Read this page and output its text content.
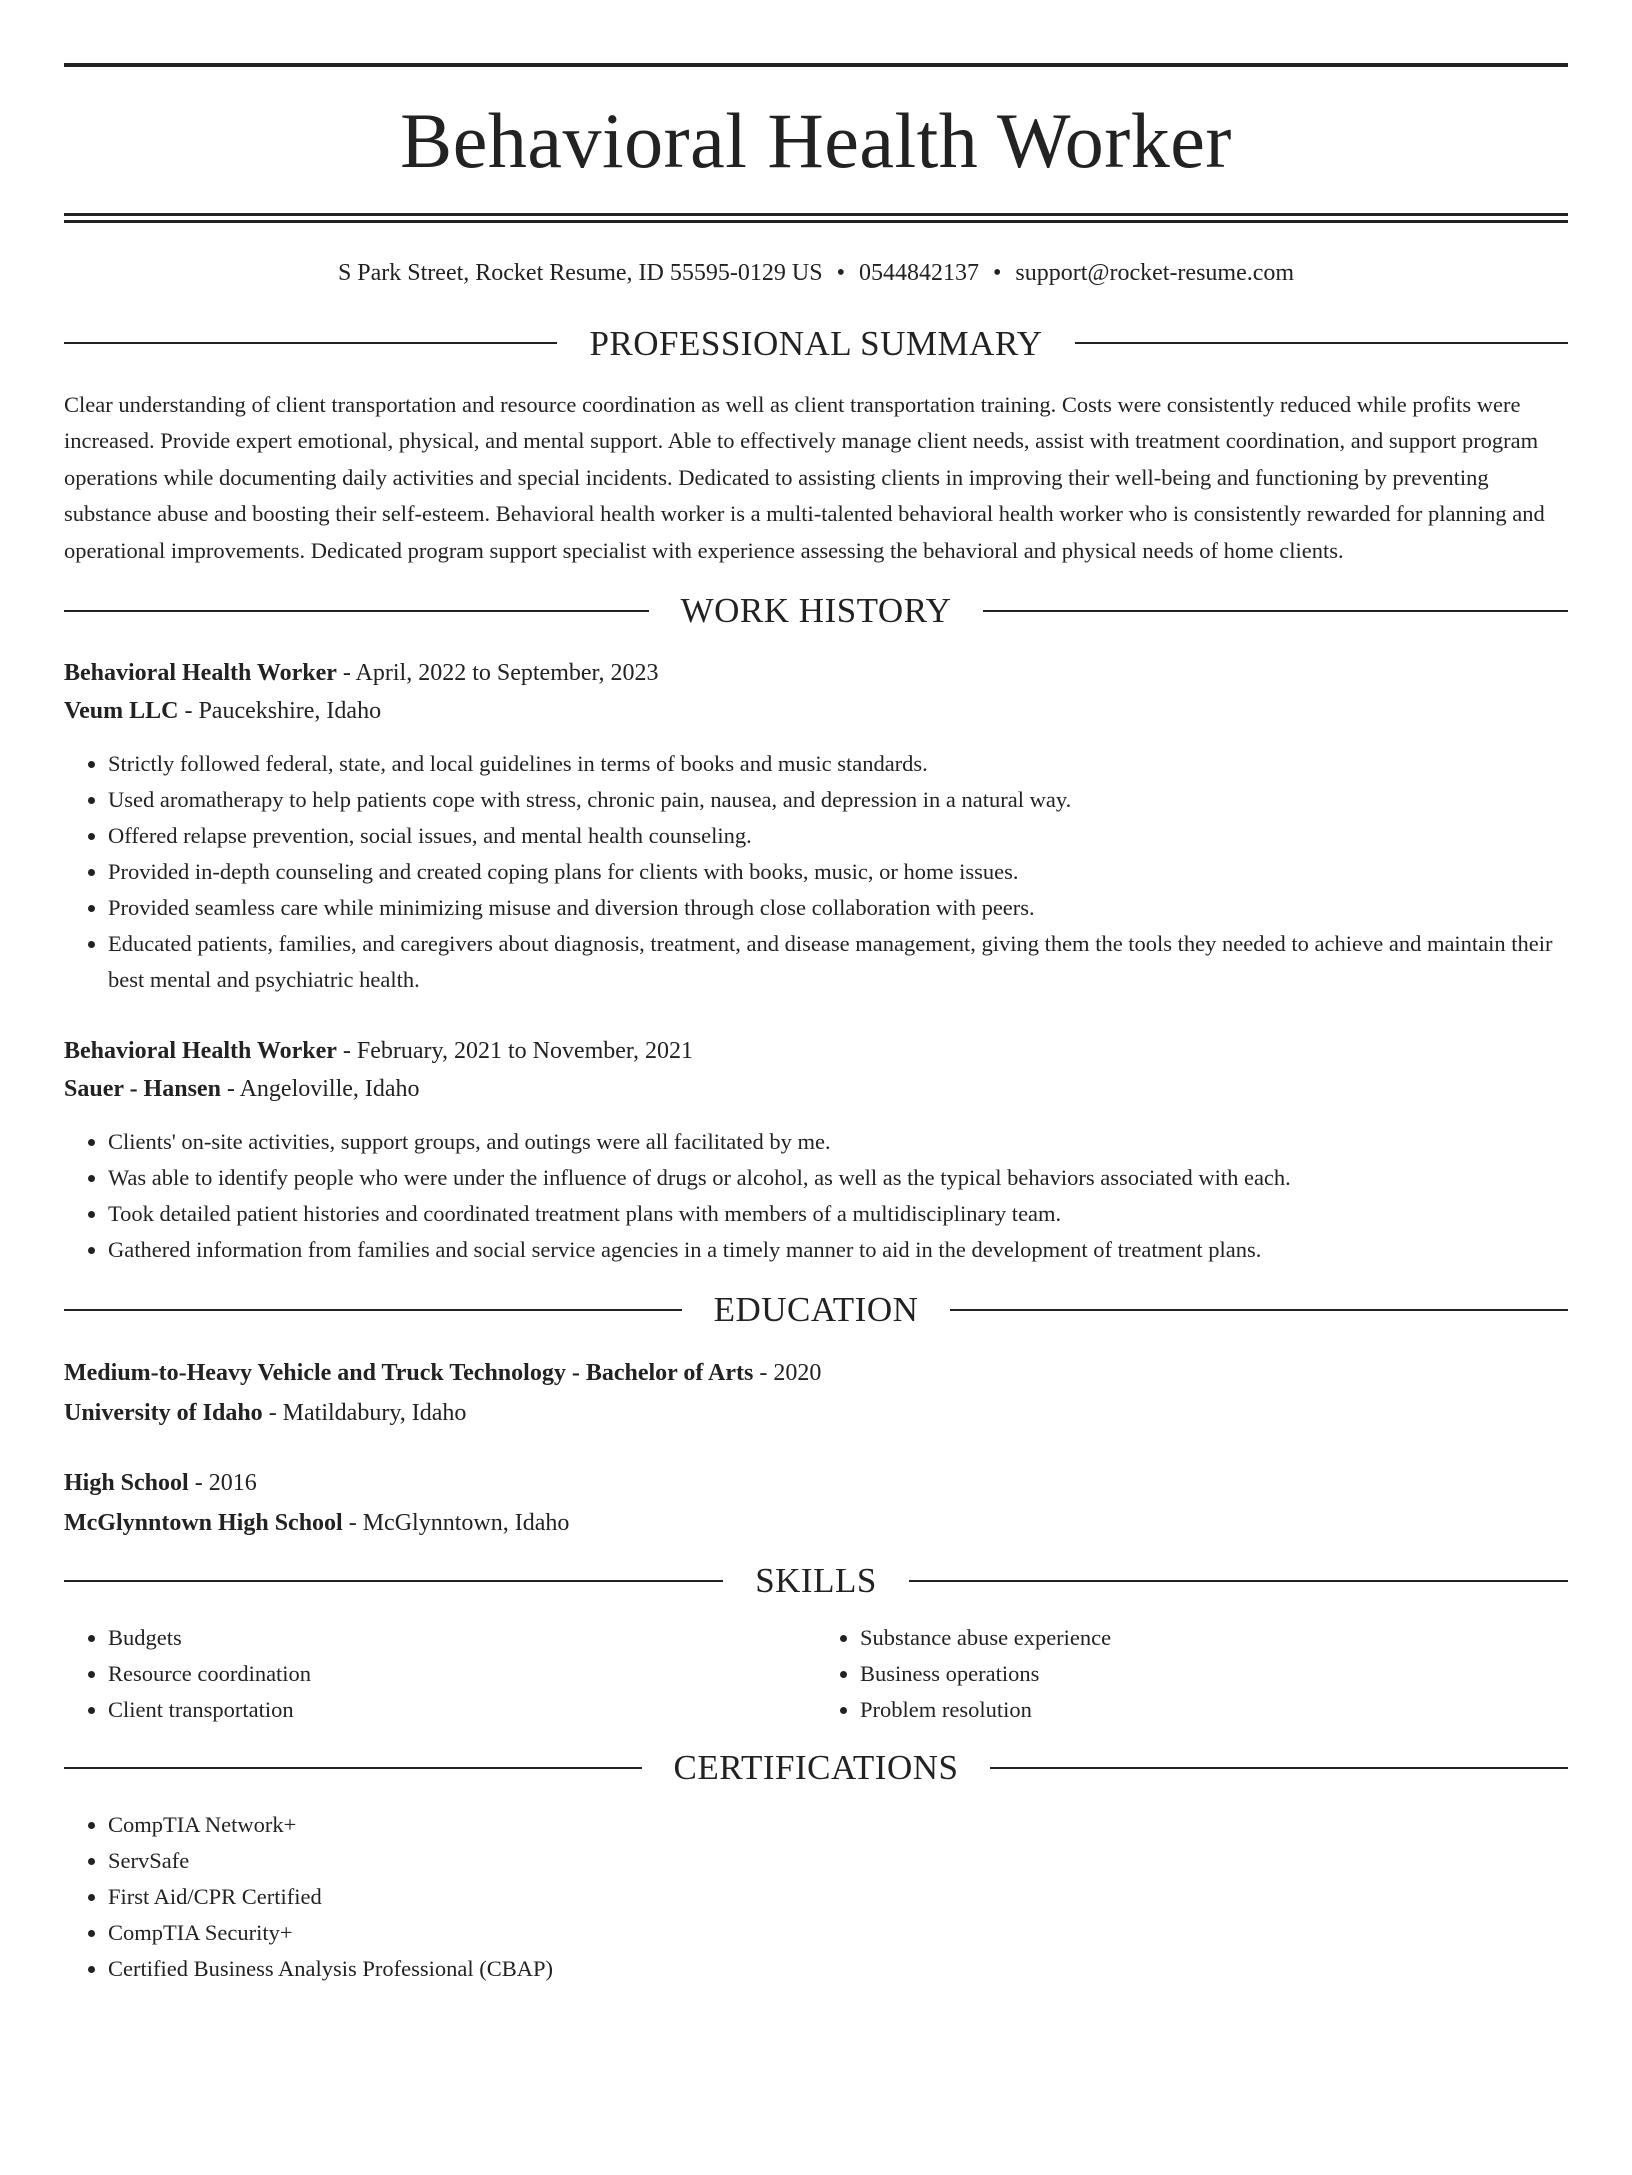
Behavioral Health Worker
S Park Street, Rocket Resume, ID 55595-0129 US • 0544842137 • support@rocket-resume.com
PROFESSIONAL SUMMARY

Clear understanding of client transportation and resource coordination as well as client transportation training. Costs were consistently reduced while profits were increased. Provide expert emotional, physical, and mental support. Able to effectively manage client needs, assist with treatment coordination, and support program operations while documenting daily activities and special incidents. Dedicated to assisting clients in improving their well-being and functioning by preventing substance abuse and boosting their self-esteem. Behavioral health worker is a multi-talented behavioral health worker who is consistently rewarded for planning and operational improvements. Dedicated program support specialist with experience assessing the behavioral and physical needs of home clients.

WORK HISTORY

Behavioral Health Worker - April, 2022 to September, 2023

Veum LLC - Paucekshire, Idaho

• Strictly followed federal, state, and local guidelines in terms of books and music standards.
• Used aromatherapy to help patients cope with stress, chronic pain, nausea, and depression in a natural way.
• Offered relapse prevention, social issues, and mental health counseling.
• Provided in-depth counseling and created coping plans for clients with books, music, or home issues.
• Provided seamless care while minimizing misuse and diversion through close collaboration with peers.
• Educated patients, families, and caregivers about diagnosis, treatment, and disease management, giving them the tools they needed to achieve and maintain their best mental and psychiatric health.

Behavioral Health Worker - February, 2021 to November, 2021

Sauer - Hansen - Angeloville, Idaho

• Clients' on-site activities, support groups, and outings were all facilitated by me.
• Was able to identify people who were under the influence of drugs or alcohol, as well as the typical behaviors associated with each.
• Took detailed patient histories and coordinated treatment plans with members of a multidisciplinary team.
• Gathered information from families and social service agencies in a timely manner to aid in the development of treatment plans.
EDUCATION

Medium-to-Heavy Vehicle and Truck Technology - Bachelor of Arts - 2020

University of Idaho - Matildabury, Idaho

High School - 2016

McGlynntown High School - McGlynntown, Idaho

SKILLS
• Budgets
• Resource coordination
• Client transportation
• Substance abuse experience
• Business operations
• Problem resolution
CERTIFICATIONS
• CompTIA Network+
• ServSafe
• First Aid/CPR Certified
• CompTIA Security+
• Certified Business Analysis Professional (CBAP)
